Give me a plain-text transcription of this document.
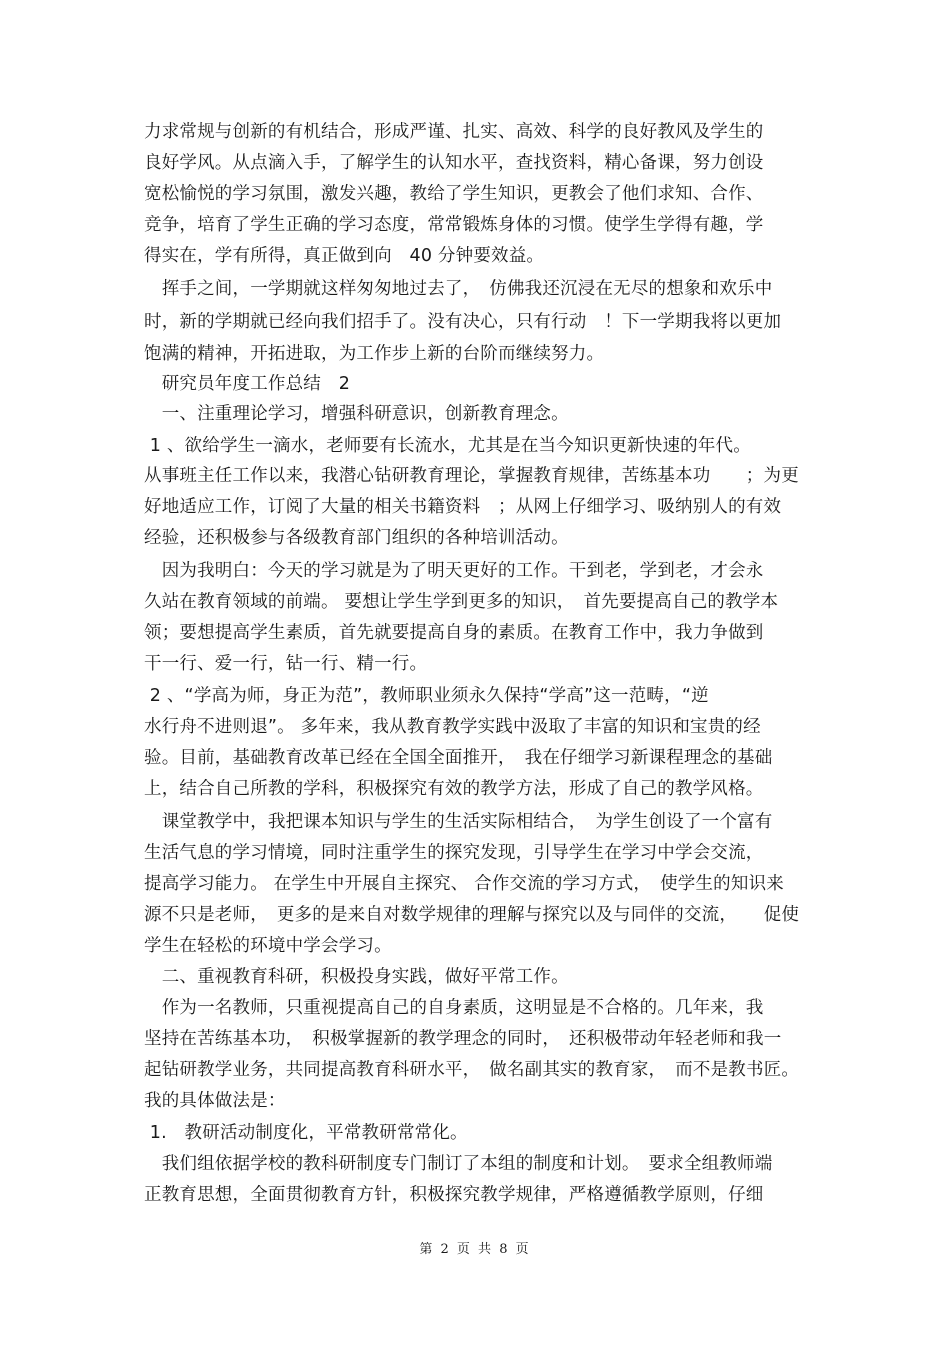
力求常规与创新的有机结合，形成严谨、扎实、高效、科学的良好教风及学生的
良好学风。从点滴入手，了解学生的认知水平，查找资料，精心备课，努力创设
宽松愉悦的学习氛围，激发兴趣，教给了学生知识，更教会了他们求知、合作、
竞争，培育了学生正确的学习态度，常常锻炼身体的习惯。使学生学得有趣，学
得实在，学有所得，真正做到向　40 分钟要效益。
　挥手之间，一学期就这样匆匆地过去了，　仿佛我还沉浸在无尽的想象和欢乐中
时，新的学期就已经向我们招手了。没有决心，只有行动　！下一学期我将以更加
饱满的精神，开拓进取，为工作步上新的台阶而继续努力。
　研究员年度工作总结　2
　一、注重理论学习，增强科研意识，创新教育理念。
1 、欲给学生一滴水，老师要有长流水，尤其是在当今知识更新快速的年代。
从事班主任工作以来，我潜心钻研教育理论，掌握教育规律，苦练基本功　　；为更
好地适应工作，订阅了大量的相关书籍资料　；从网上仔细学习、吸纳别人的有效
经验，还积极参与各级教育部门组织的各种培训活动。
　因为我明白：今天的学习就是为了明天更好的工作。干到老，学到老，才会永
久站在教育领域的前端。 要想让学生学到更多的知识，　首先要提高自己的教学本
领；要想提高学生素质，首先就要提高自身的素质。在教育工作中，我力争做到
干一行、爱一行，钻一行、精一行。
2 、“学高为师，身正为范”，教师职业须永久保持“学高”这一范畴，“逆
水行舟不进则退”。 多年来，我从教育教学实践中汲取了丰富的知识和宝贵的经
验。目前，基础教育改革已经在全国全面推开，　我在仔细学习新课程理念的基础
上，结合自己所教的学科，积极探究有效的教学方法，形成了自己的教学风格。
　课堂教学中，我把课本知识与学生的生活实际相结合，　为学生创设了一个富有
生活气息的学习情境，同时注重学生的探究发现，引导学生在学习中学会交流，
提高学习能力。 在学生中开展自主探究、 合作交流的学习方式，　使学生的知识来
源不只是老师，　更多的是来自对数学规律的理解与探究以及与同伴的交流，　　促使
学生在轻松的环境中学会学习。
　二、重视教育科研，积极投身实践，做好平常工作。
　作为一名教师，只重视提高自己的自身素质，这明显是不合格的。几年来，我
坚持在苦练基本功，　积极掌握新的教学理念的同时，　还积极带动年轻老师和我一
起钻研教学业务，共同提高教育科研水平，　做名副其实的教育家，　而不是教书匠。
我的具体做法是：
1.　教研活动制度化，平常教研常常化。
　我们组依据学校的教科研制度专门制订了本组的制度和计划。　要求全组教师端
正教育思想，全面贯彻教育方针，积极探究教学规律，严格遵循教学原则，仔细
第 2 页 共 8 页
